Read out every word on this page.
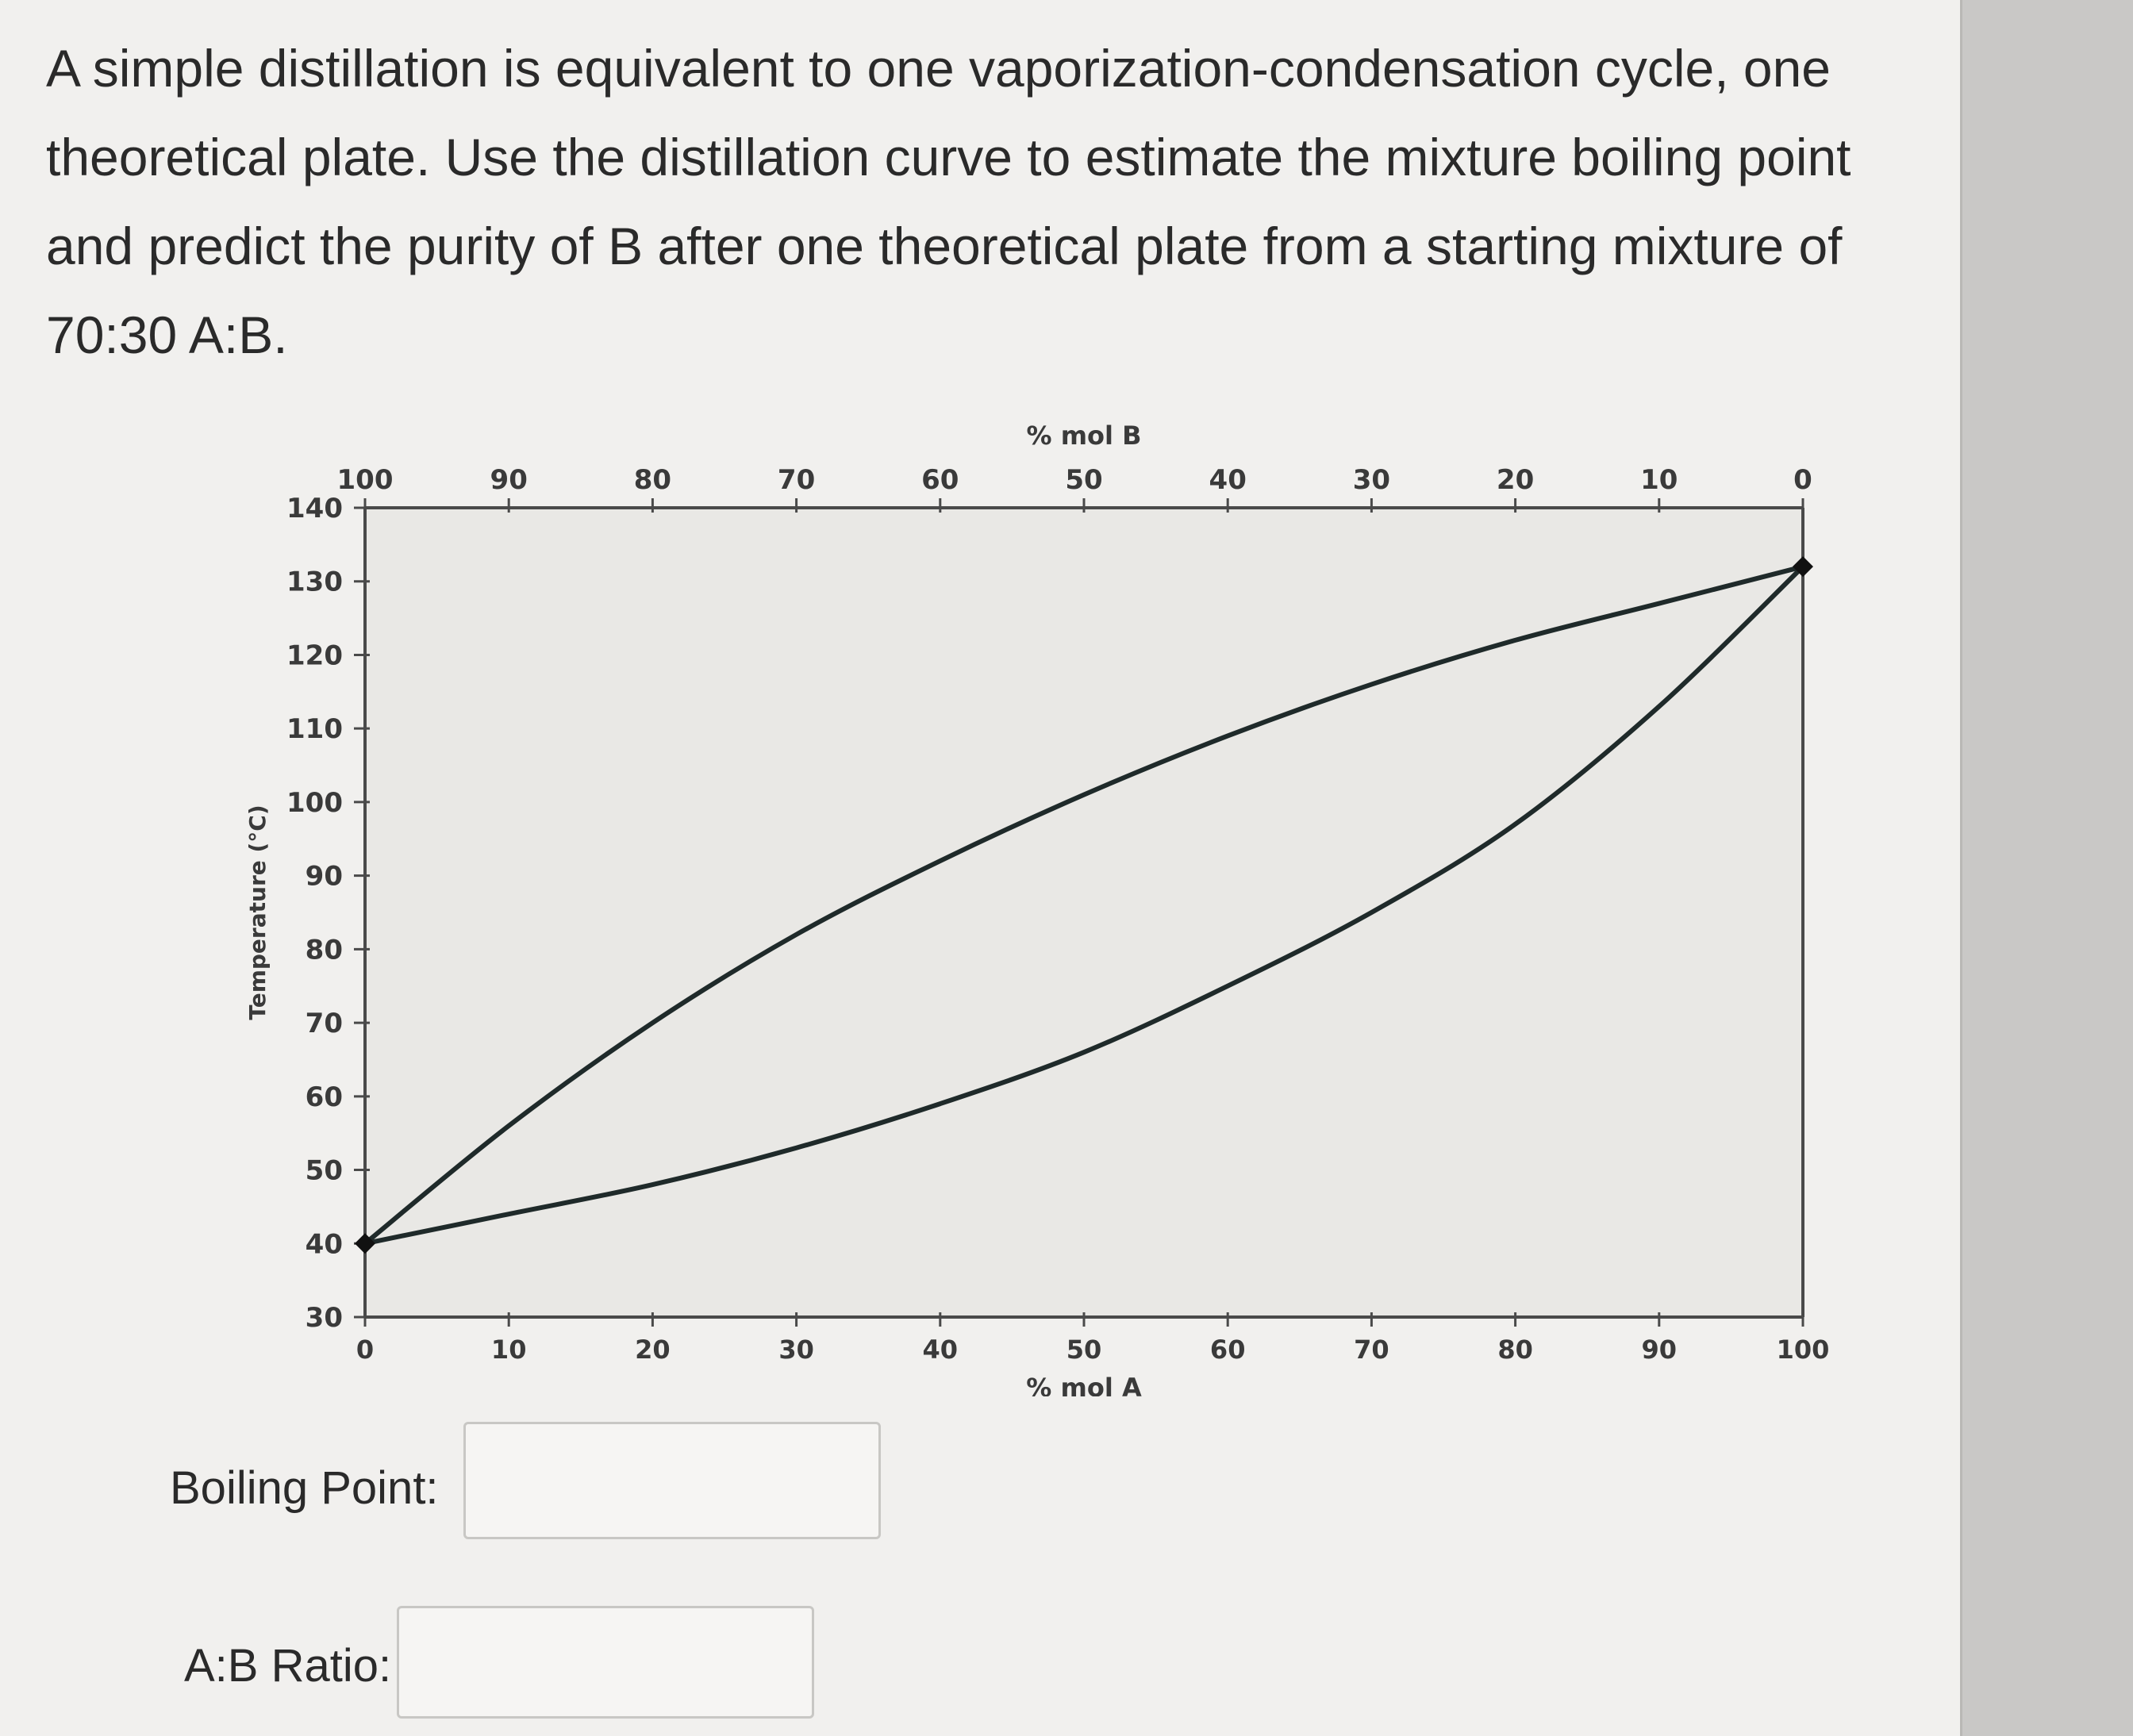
A simple distillation is equivalent to one vaporization-condensation cycle, one theoretical plate. Use the distillation curve to estimate the mixture boiling point and predict the purity of B after one theoretical plate from a starting mixture of 70:30 A:B.
30
40
50
60
70
80
90
100
110
120
130
140
0	10	20	30	40	50	60	70	80	90	100
100	90	80	70	60	50	40	30	20	10	0
% mol A
% mol B
Temperature (°C)
Boiling Point:
A:B Ratio:
